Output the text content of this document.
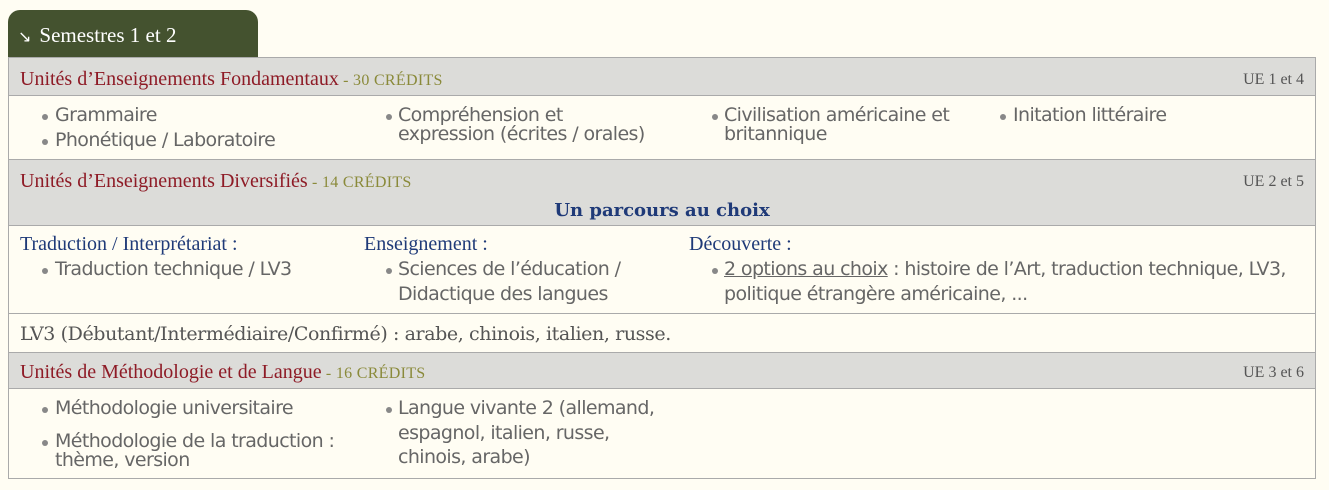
↘ Semestres 1 et 2
Unités d’Enseignements Fondamentaux - 30 CRÉDITS	UE 1 et 4
Grammaire
Phonétique / Laboratoire
Compréhension et
expression (écrites / orales)
Civilisation américaine et
britannique
Initation littéraire
Unités d’Enseignements Diversifiés - 14 CRÉDITS	UE 2 et 5
Un parcours au choix
Traduction / Interprétariat :
Traduction technique / LV3
Enseignement :
Sciences de l’éducation /
Didactique des langues
Découverte :
2 options au choix : histoire de l’Art, traduction technique, LV3,
politique étrangère américaine, ...
LV3 (Débutant/Intermédiaire/Confirmé) : arabe, chinois, italien, russe.
Unités de Méthodologie et de Langue - 16 CRÉDITS	UE 3 et 6
Méthodologie universitaire
Méthodologie de la traduction :
thème, version
Langue vivante 2 (allemand,
espagnol, italien, russe,
chinois, arabe)
